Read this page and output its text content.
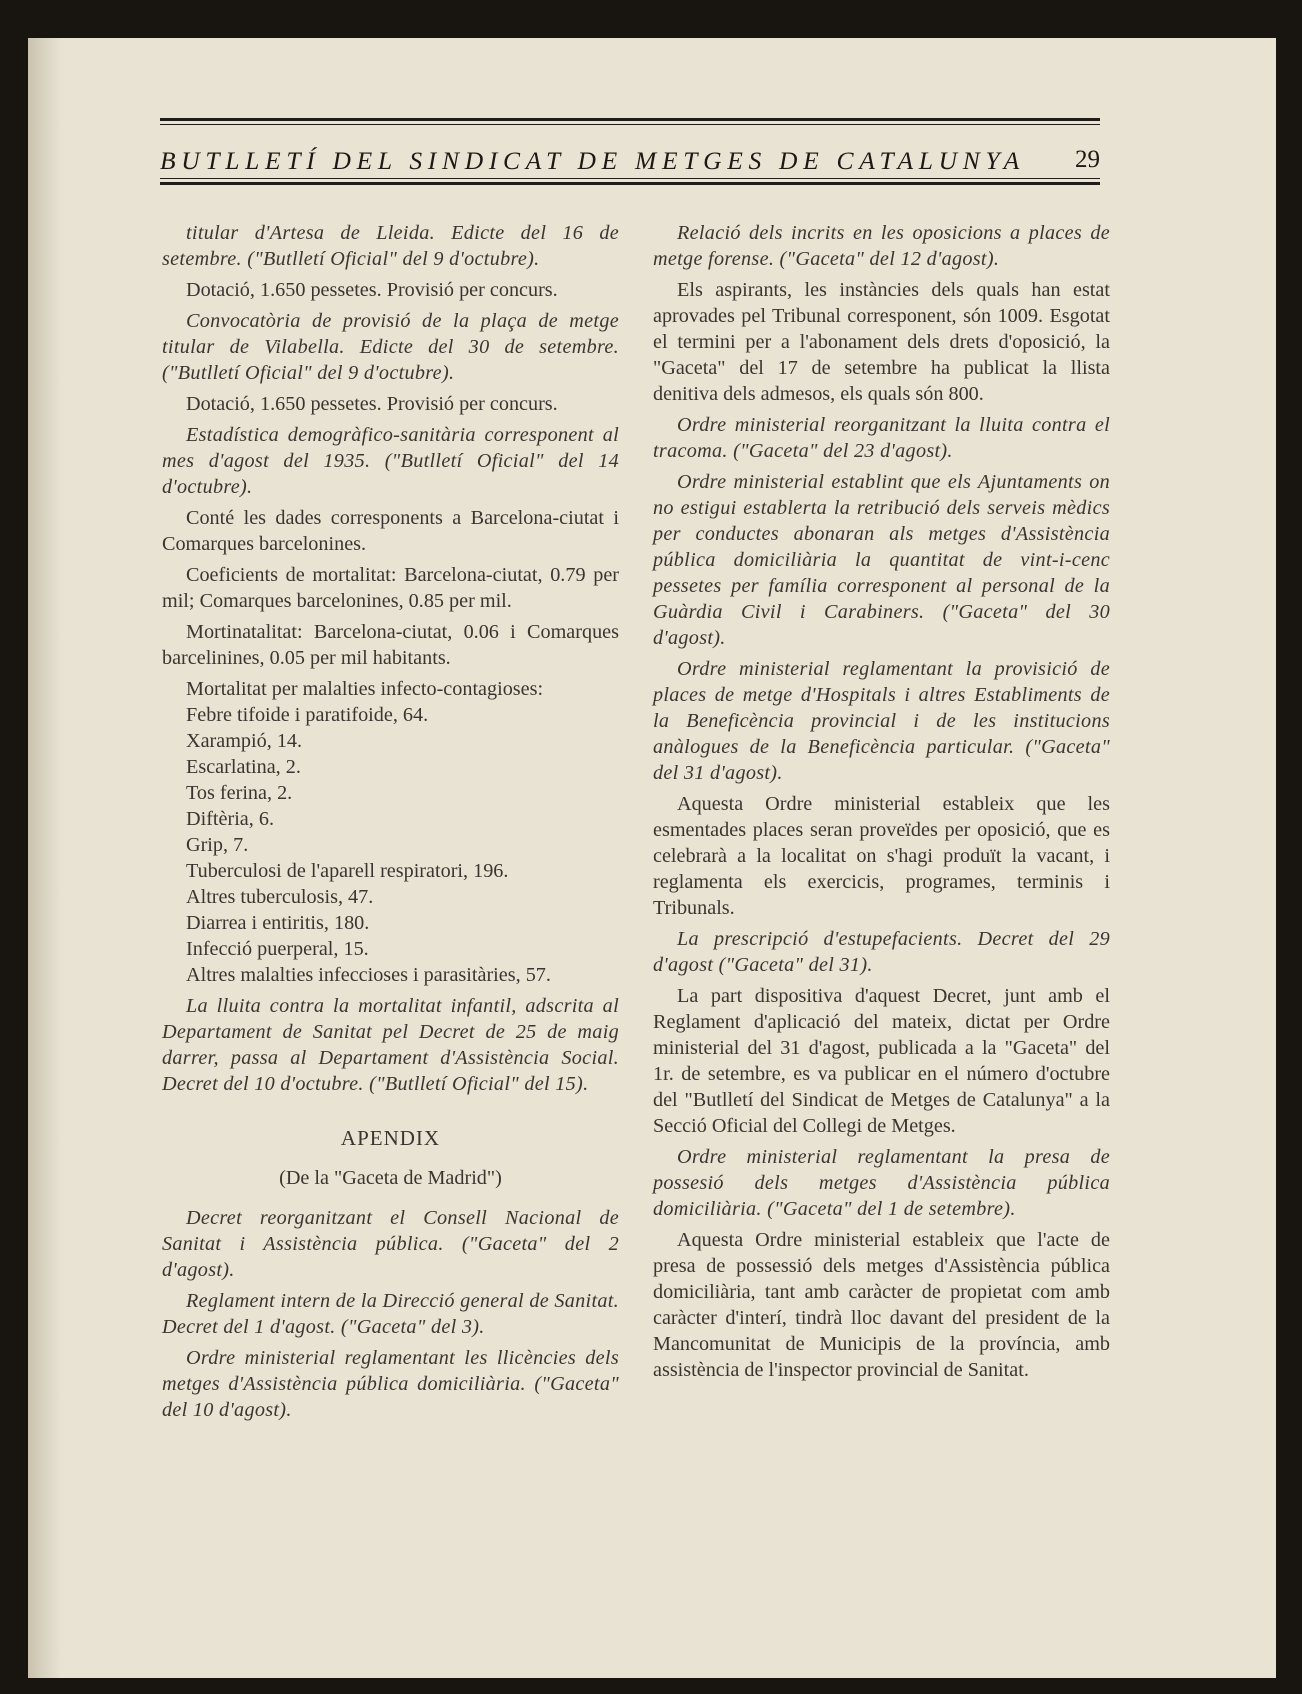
BUTLLETÍ DEL SINDICAT DE METGES DE CATALUNYA	29

titular d'Artesa de Lleida. Edicte del 16 de setembre. ("Butlletí Oficial" del 9 d'octubre).

Dotació, 1.650 pessetes. Provisió per concurs.

Convocatòria de provisió de la plaça de metge titular de Vilabella. Edicte del 30 de setembre. ("Butlletí Oficial" del 9 d'octubre).

Dotació, 1.650 pessetes. Provisió per concurs.

Estadística demogràfico-sanitària corresponent al mes d'agost del 1935. ("Butlletí Oficial" del 14 d'octubre).

Conté les dades corresponents a Barcelona-ciutat i Comarques barcelonines.

Coeficients de mortalitat: Barcelona-ciutat, 0.79 per mil; Comarques barcelonines, 0.85 per mil.

Mortinatalitat: Barcelona-ciutat, 0.06 i Comarques barcelinines, 0.05 per mil habitants.

Mortalitat per malalties infecto-contagioses:

Febre tifoide i paratifoide, 64.

Xarampió, 14.

Escarlatina, 2.

Tos ferina, 2.

Diftèria, 6.

Grip, 7.

Tuberculosi de l'aparell respiratori, 196.

Altres tuberculosis, 47.

Diarrea i entiritis, 180.

Infecció puerperal, 15.

Altres malalties infeccioses i parasitàries, 57.

La lluita contra la mortalitat infantil, adscrita al Departament de Sanitat pel Decret de 25 de maig darrer, passa al Departament d'Assistència Social. Decret del 10 d'octubre. ("Butlletí Oficial" del 15).

APENDIX

(De la "Gaceta de Madrid")

Decret reorganitzant el Consell Nacional de Sanitat i Assistència pública. ("Gaceta" del 2 d'agost).

Reglament intern de la Direcció general de Sanitat. Decret del 1 d'agost. ("Gaceta" del 3).

Ordre ministerial reglamentant les llicències dels metges d'Assistència pública domiciliària. ("Gaceta" del 10 d'agost).

Relació dels incrits en les oposicions a places de metge forense. ("Gaceta" del 12 d'agost).

Els aspirants, les instàncies dels quals han estat aprovades pel Tribunal corresponent, són 1009. Esgotat el termini per a l'abonament dels drets d'oposició, la "Gaceta" del 17 de setembre ha publicat la llista denitiva dels admesos, els quals són 800.

Ordre ministerial reorganitzant la lluita contra el tracoma. ("Gaceta" del 23 d'agost).

Ordre ministerial establint que els Ajuntaments on no estigui establerta la retribució dels serveis mèdics per conductes abonaran als metges d'Assistència pública domiciliària la quantitat de vint-i-cenc pessetes per família corresponent al personal de la Guàrdia Civil i Carabiners. ("Gaceta" del 30 d'agost).

Ordre ministerial reglamentant la provisició de places de metge d'Hospitals i altres Establiments de la Beneficència provincial i de les institucions anàlogues de la Beneficència particular. ("Gaceta" del 31 d'agost).

Aquesta Ordre ministerial estableix que les esmentades places seran proveïdes per oposició, que es celebrarà a la localitat on s'hagi produït la vacant, i reglamenta els exercicis, programes, terminis i Tribunals.

La prescripció d'estupefacients. Decret del 29 d'agost ("Gaceta" del 31).

La part dispositiva d'aquest Decret, junt amb el Reglament d'aplicació del mateix, dictat per Ordre ministerial del 31 d'agost, publicada a la "Gaceta" del 1r. de setembre, es va publicar en el número d'octubre del "Butlletí del Sindicat de Metges de Catalunya" a la Secció Oficial del Collegi de Metges.

Ordre ministerial reglamentant la presa de possesió dels metges d'Assistència pública domiciliària. ("Gaceta" del 1 de setembre).

Aquesta Ordre ministerial estableix que l'acte de presa de possessió dels metges d'Assistència pública domiciliària, tant amb caràcter de propietat com amb caràcter d'interí, tindrà lloc davant del president de la Mancomunitat de Municipis de la província, amb assistència de l'inspector provincial de Sanitat.
